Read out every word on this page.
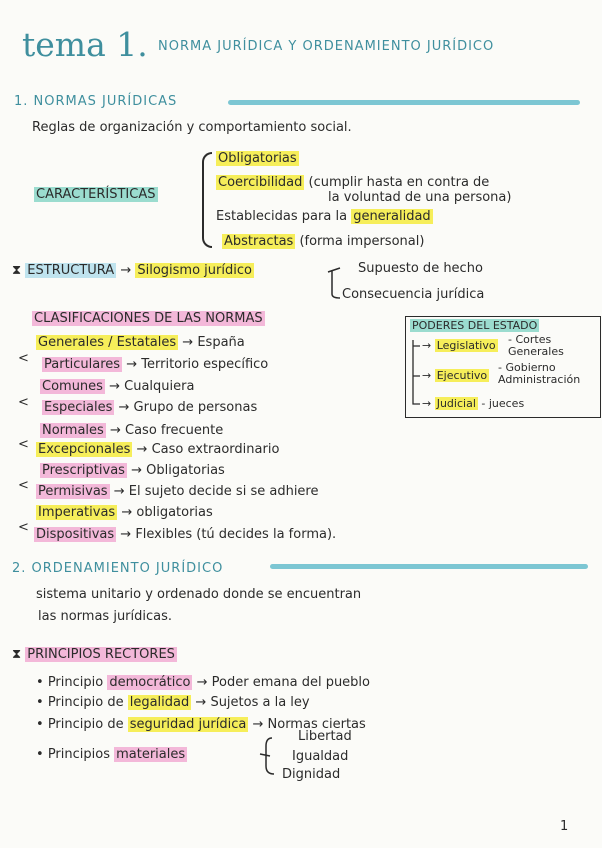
tema 1. NORMA JURÍDICA Y ORDENAMIENTO JURÍDICO
1. NORMAS JURÍDICAS
Reglas de organización y comportamiento social.
CARACTERÍSTICAS
Obligatorias
Coercibilidad (cumplir hasta en contra de
la voluntad de una persona)
Establecidas para la generalidad
Abstractas (forma impersonal)
⧗ ESTRUCTURA → Silogismo jurídico	Supuesto de hecho
Consecuencia jurídica
CLASIFICACIONES DE LAS NORMAS
Generales / Estatales → España
Particulares → Territorio específico
Comunes → Cualquiera
Especiales → Grupo de personas
Normales → Caso frecuente
Excepcionales → Caso extraordinario
Prescriptivas → Obligatorias
Permisivas → El sujeto decide si se adhiere
Imperativas → obligatorias
Dispositivas → Flexibles (tú decides la forma).
<
<
<
<
<
PODERES DEL ESTADO
→ Legislativo - Cortes Generales
→ Ejecutivo
- Gobierno Administración
→ Judicial - jueces
2. ORDENAMIENTO JURÍDICO
sistema unitario y ordenado donde se encuentran
las normas jurídicas.
⧗ PRINCIPIOS RECTORES
• Principio democrático → Poder emana del pueblo
• Principio de legalidad → Sujetos a la ley
• Principio de seguridad jurídica → Normas ciertas
• Principios materiales
Libertad
Igualdad
Dignidad
1
